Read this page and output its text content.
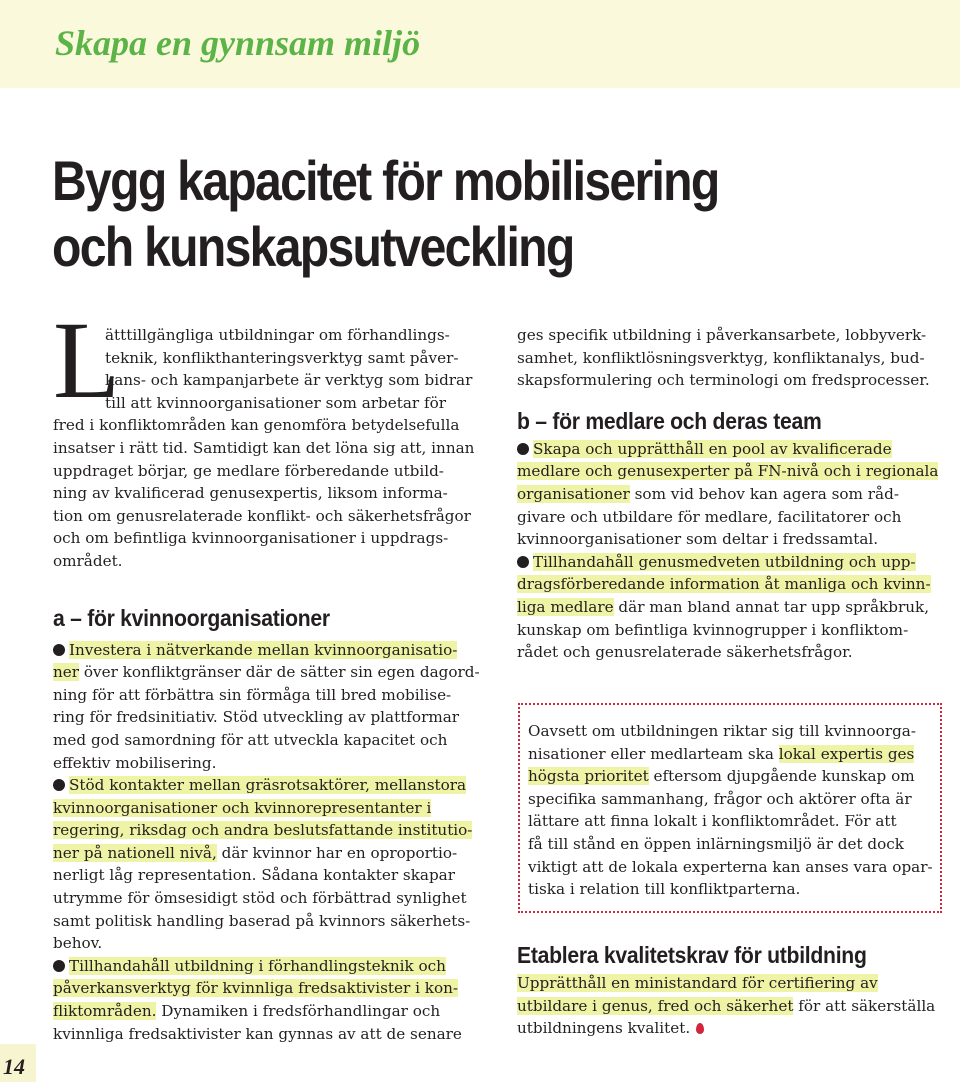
Skapa en gynnsam miljö
Bygg kapacitet för mobilisering
och kunskapsutveckling
L
ätttillgängliga utbildningar om förhandlings-
teknik, konflikthanteringsverktyg samt påver-
kans- och kampanjarbete är verktyg som bidrar
till att kvinnoorganisationer som arbetar för
fred i konfliktområden kan genomföra betydelsefulla
insatser i rätt tid. Samtidigt kan det löna sig att, innan
uppdraget börjar, ge medlare förberedande utbild-
ning av kvalificerad genusexpertis, liksom informa-
tion om genusrelaterade konflikt- och säkerhetsfrågor
och om befintliga kvinnoorganisationer i uppdrags-
området.
a – för kvinnoorganisationer
Investera i nätverkande mellan kvinnoorganisatio-
ner över konfliktgränser där de sätter sin egen dagord-
ning för att förbättra sin förmåga till bred mobilise-
ring för fredsinitiativ. Stöd utveckling av plattformar
med god samordning för att utveckla kapacitet och
effektiv mobilisering.
Stöd kontakter mellan gräsrotsaktörer, mellanstora
kvinnoorganisationer och kvinnorepresentanter i
regering, riksdag och andra beslutsfattande institutio-
ner på nationell nivå, där kvinnor har en oproportio-
nerligt låg representation. Sådana kontakter skapar
utrymme för ömsesidigt stöd och förbättrad synlighet
samt politisk handling baserad på kvinnors säkerhets-
behov.
Tillhandahåll utbildning i förhandlingsteknik och
påverkansverktyg för kvinnliga fredsaktivister i kon-
fliktområden. Dynamiken i fredsförhandlingar och
kvinnliga fredsaktivister kan gynnas av att de senare
ges specifik utbildning i påverkansarbete, lobbyverk-
samhet, konfliktlösningsverktyg, konfliktanalys, bud-
skapsformulering och terminologi om fredsprocesser.
b – för medlare och deras team
Skapa och upprätthåll en pool av kvalificerade
medlare och genusexperter på FN-nivå och i regionala
organisationer som vid behov kan agera som råd-
givare och utbildare för medlare, facilitatorer och
kvinnoorganisationer som deltar i fredssamtal.
Tillhandahåll genusmedveten utbildning och upp-
dragsförberedande information åt manliga och kvinn-
liga medlare där man bland annat tar upp språkbruk,
kunskap om befintliga kvinnogrupper i konfliktom-
rådet och genusrelaterade säkerhetsfrågor.
Oavsett om utbildningen riktar sig till kvinnoorga-
nisationer eller medlarteam ska lokal expertis ges
högsta prioritet eftersom djupgående kunskap om
specifika sammanhang, frågor och aktörer ofta är
lättare att finna lokalt i konfliktområdet. För att
få till stånd en öppen inlärningsmiljö är det dock
viktigt att de lokala experterna kan anses vara opar-
tiska i relation till konfliktparterna.
Etablera kvalitetskrav för utbildning
Upprätthåll en ministandard för certifiering av
utbildare i genus, fred och säkerhet för att säkerställa
utbildningens kvalitet.
14
